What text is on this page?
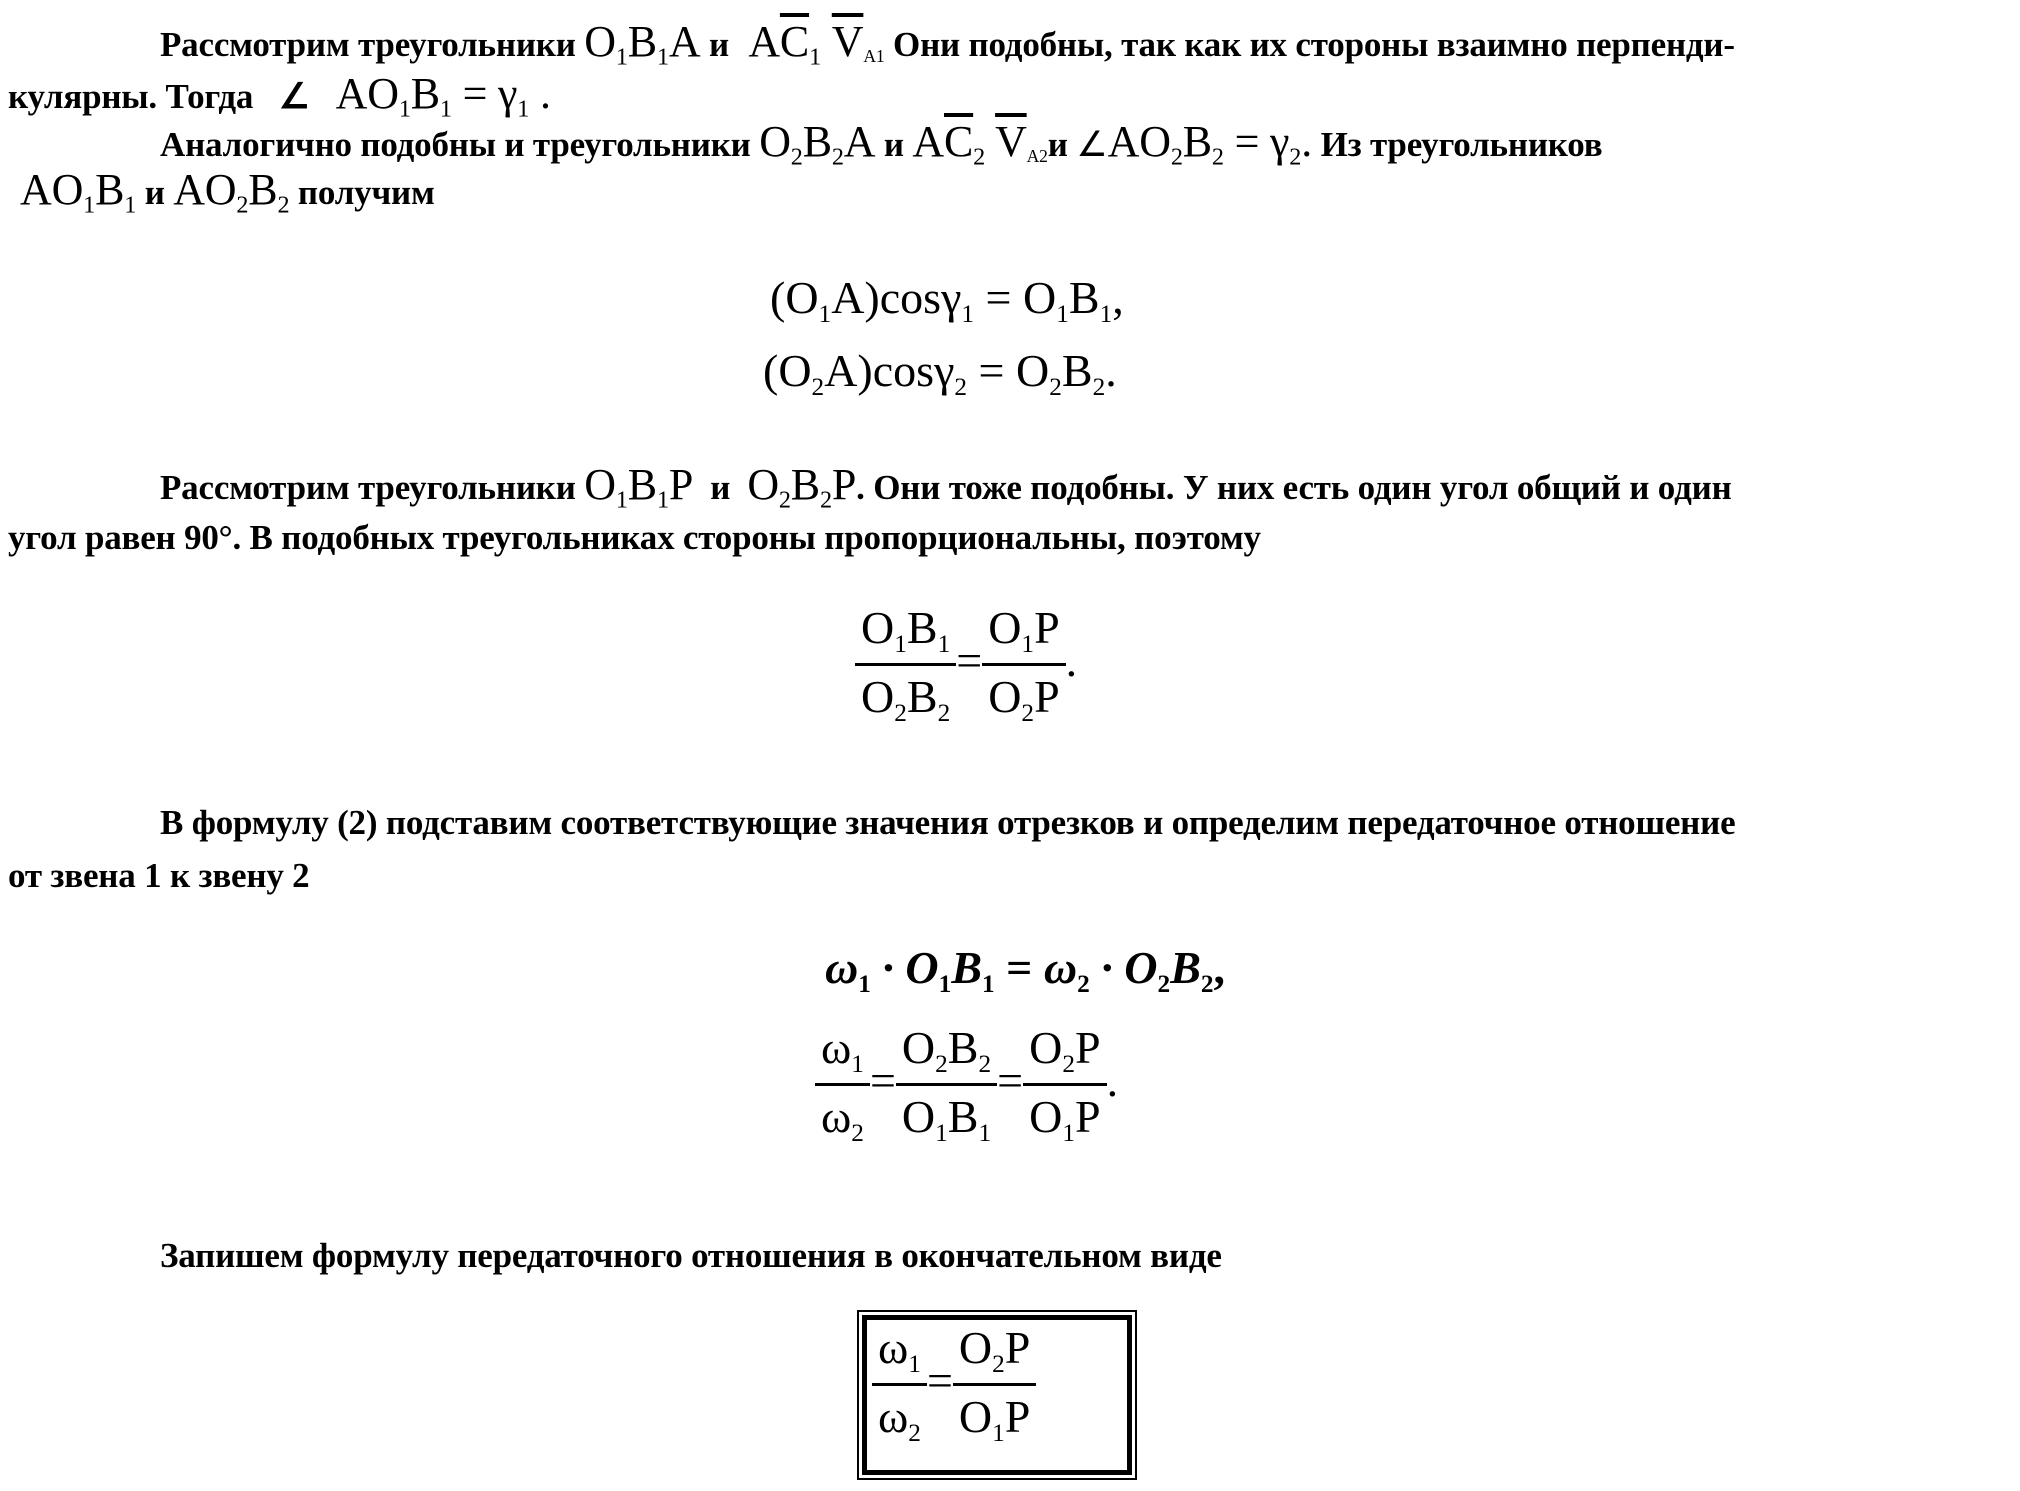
Рассмотрим треугольники $O_1B_1A$ и $A\overline{C}_1$ $\overline{V}_{A1}$ Они подобны, так как их стороны взаимно перпенди-
кулярны. Тогда ∠ $AO_1B_1 = \gamma_1$ .
Аналогично подобны и треугольники $O_2B_2A$ и $A\overline{C}_2$ $\overline{V}_{A2}и$ $\angle AO_2B_2 = \gamma_2$. Из треугольников
$AO_1B_1$ и $AO_2B_2$ получим
$(O_1A)\cos\gamma_1 = O_1B_1$,
$(O_2A)\cos\gamma_2 = O_2B_2$.
Рассмотрим треугольники $O_1B_1P$ и $O_2B_2P$. Они тоже подобны. У них есть один угол общий и один
угол равен 90°. В подобных треугольниках стороны пропорциональны, поэтому
$\frac{O_1B_1}{O_2B_2} = \frac{O_1P}{O_2P}$ .
В формулу (2) подставим соответствующие значения отрезков и определим передаточное отношение
от звена 1 к звену 2
$\omega_1 \cdot O_1B_1 = \omega_2 \cdot O_2B_2$,
$\frac{\omega_1}{\omega_2} = \frac{O_2B_2}{O_1B_1} = \frac{O_2P}{O_1P}$ .
Запишем формулу передаточного отношения в окончательном виде
$\frac{\omega_1}{\omega_2} = \frac{O_2P}{O_1P}$
